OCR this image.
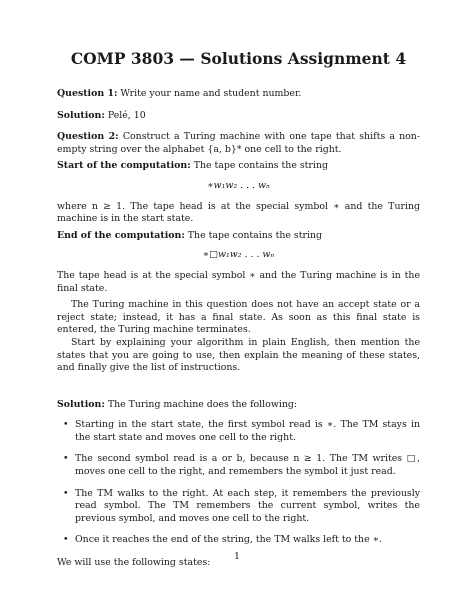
COMP 3803 — Solutions Assignment 4

Question 1: Write your name and student number.

Solution: Pelé, 10

Question 2: Construct a Turing machine with one tape that shifts a non-empty string over the alphabet {a, b}* one cell to the right.

Start of the computation: The tape contains the string

∗w₁w₂ . . . wₙ

where n ≥ 1. The tape head is at the special symbol ∗ and the Turing machine is in the start state.

End of the computation: The tape contains the string

∗□w₁w₂ . . . wₙ

The tape head is at the special symbol ∗ and the Turing machine is in the final state.

The Turing machine in this question does not have an accept state or a reject state; instead, it has a final state. As soon as this final state is entered, the Turing machine terminates.

Start by explaining your algorithm in plain English, then mention the states that you are going to use, then explain the meaning of these states, and finally give the list of instructions.

Solution: The Turing machine does the following:

• Starting in the start state, the first symbol read is ∗. The TM stays in the start state and moves one cell to the right.
• The second symbol read is a or b, because n ≥ 1. The TM writes □, moves one cell to the right, and remembers the symbol it just read.
• The TM walks to the right. At each step, it remembers the previously read symbol. The TM remembers the current symbol, writes the previous symbol, and moves one cell to the right.
• Once it reaches the end of the string, the TM walks left to the ∗.

We will use the following states:

1
